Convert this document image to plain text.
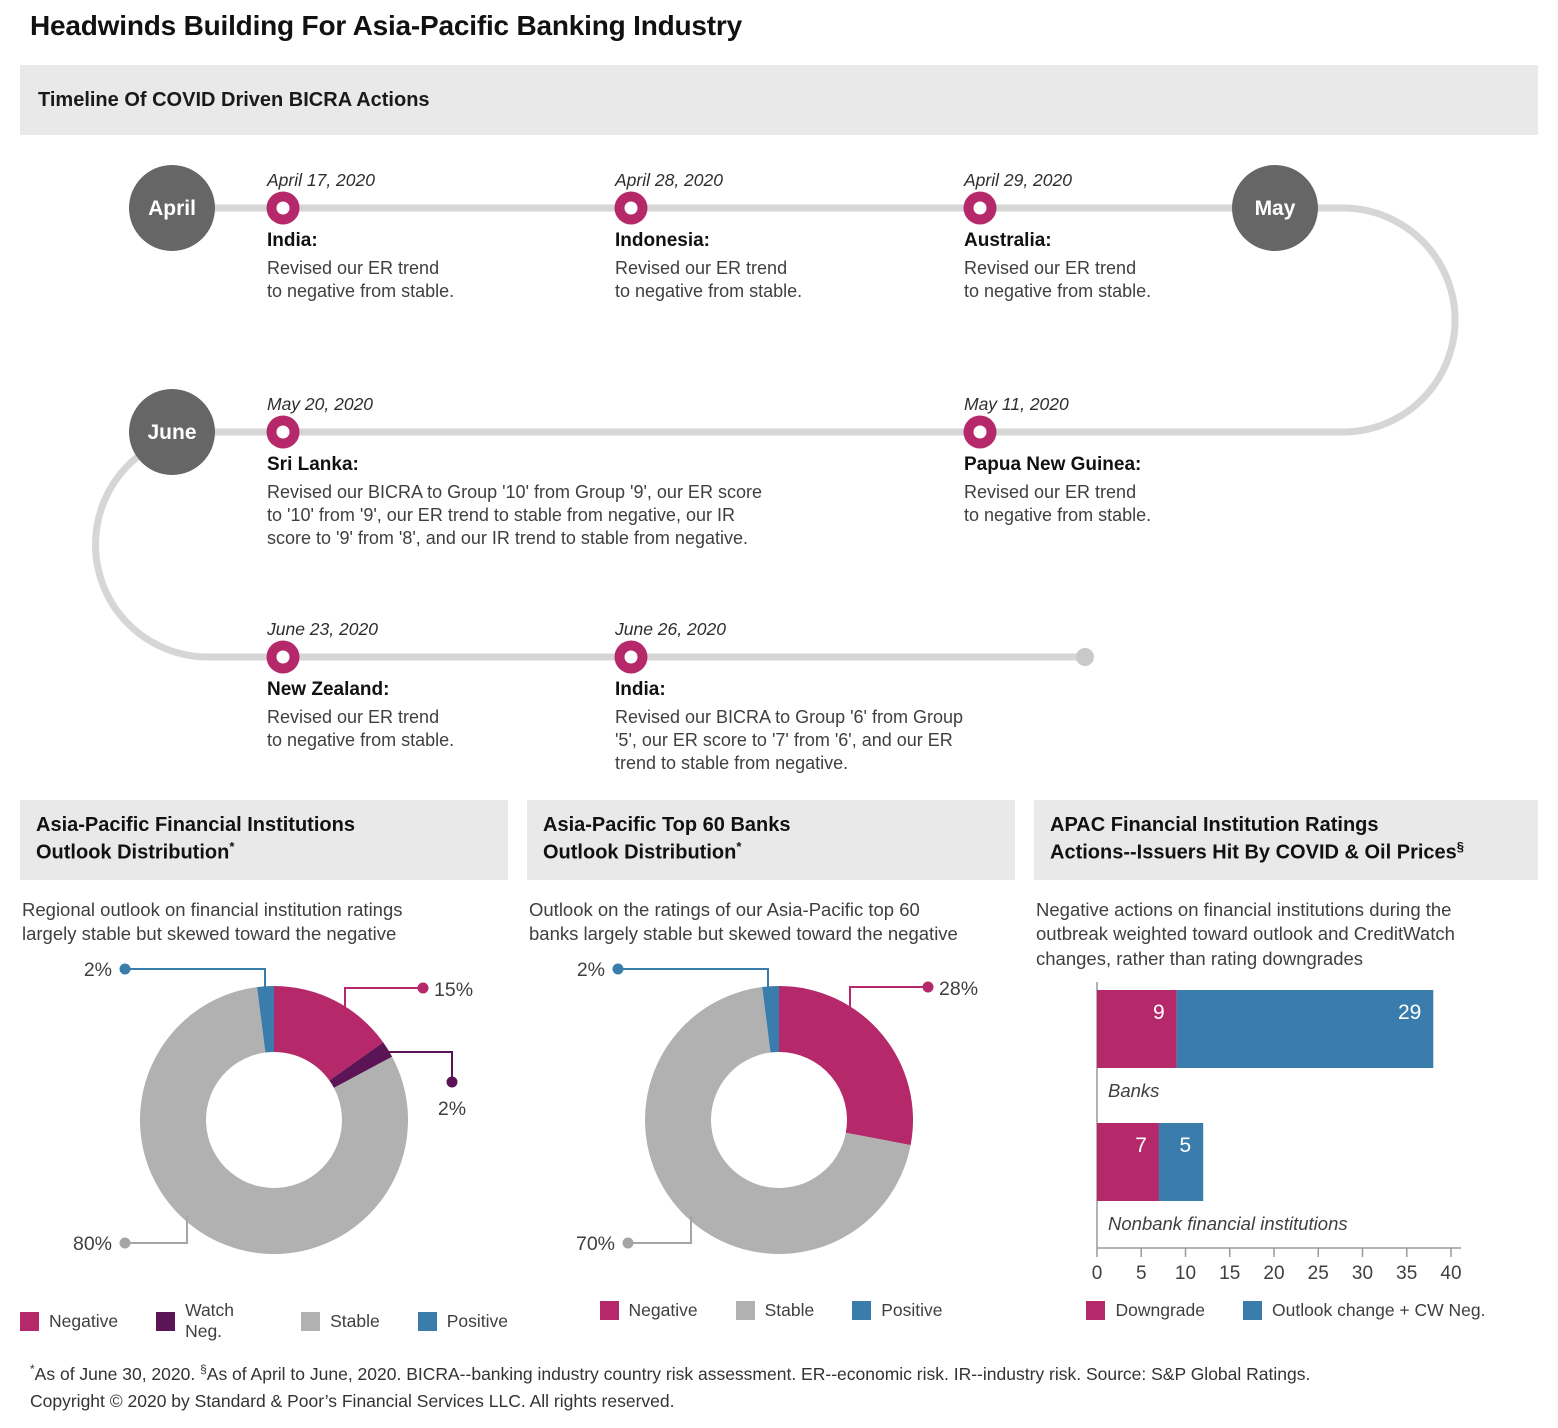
Headwinds Building For Asia-Pacific Banking Industry
Timeline Of COVID Driven BICRA Actions
April	May
June
April 17, 2020
India:
Revised our ER trend
to negative from stable.
April 28, 2020
Indonesia:
Revised our ER trend
to negative from stable.
April 29, 2020
Australia:
Revised our ER trend
to negative from stable.
May 20, 2020
Sri Lanka:
Revised our BICRA to Group '10' from Group '9', our ER score
to '10' from '9', our ER trend to stable from negative, our IR
score to '9' from '8', and our IR trend to stable from negative.
May 11, 2020
Papua New Guinea:
Revised our ER trend
to negative from stable.
June 23, 2020
New Zealand:
Revised our ER trend
to negative from stable.
June 26, 2020
India:
Revised our BICRA to Group '6' from Group
'5', our ER score to '7' from '6', and our ER
trend to stable from negative.
Asia-Pacific Financial Institutions
Outlook Distribution*
Regional outlook on financial institution ratings
largely stable but skewed toward the negative
2%
15%
2%
80%
Negative
Watch Neg.
Stable	Positive
Asia-Pacific Top 60 Banks
Outlook Distribution*
Outlook on the ratings of our Asia-Pacific top 60
banks largely stable but skewed toward the negative
2%
28%
70%
Negative	Stable	Positive
APAC Financial Institution Ratings
Actions--Issuers Hit By COVID & Oil Prices§
Negative actions on financial institutions during the
outbreak weighted toward outlook and CreditWatch
changes, rather than rating downgrades
0 5 10 15 20 25 30 35 40
9	29
Banks
7 5
Nonbank financial institutions
Downgrade	Outlook change + CW Neg.
*As of June 30, 2020. §As of April to June, 2020. BICRA--banking industry country risk assessment. ER--economic risk. IR--industry risk. Source: S&P Global Ratings.
Copyright © 2020 by Standard & Poor’s Financial Services LLC. All rights reserved.
